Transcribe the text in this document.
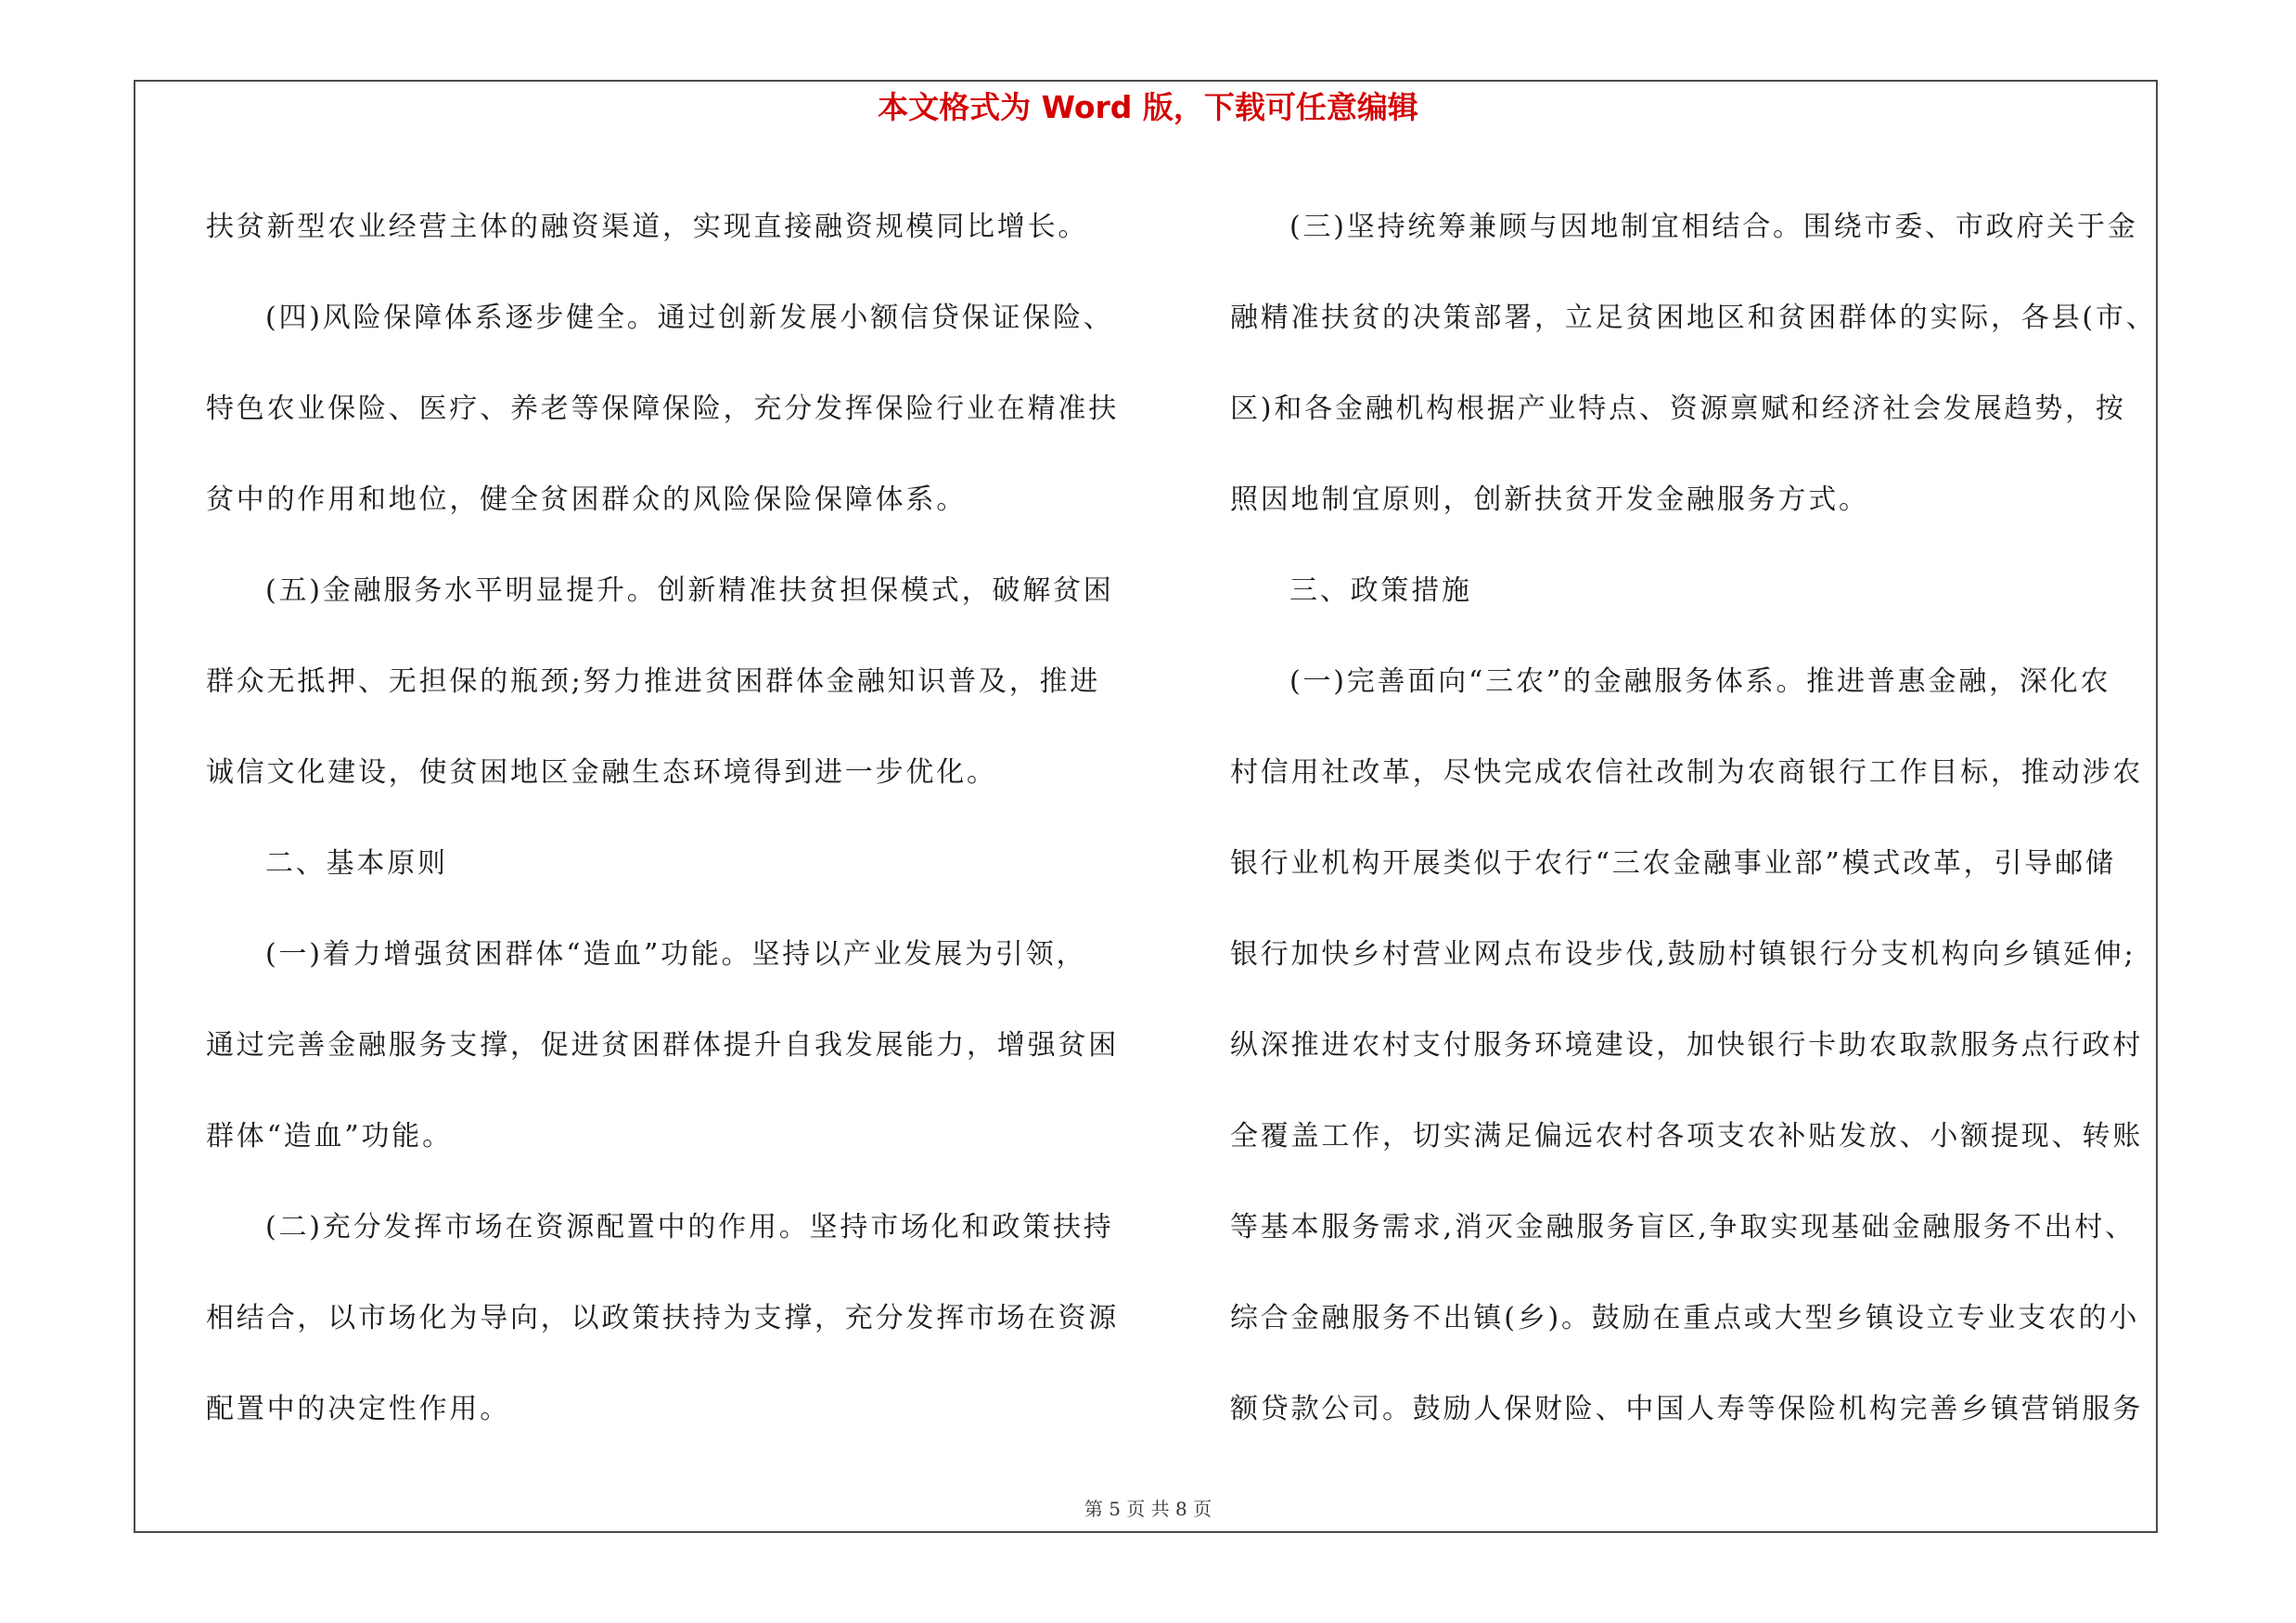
本文格式为 Word 版，下载可任意编辑

扶贫新型农业经营主体的融资渠道，实现直接融资规模同比增长。

(四)风险保障体系逐步健全。通过创新发展小额信贷保证保险、

特色农业保险、医疗、养老等保障保险，充分发挥保险行业在精准扶

贫中的作用和地位，健全贫困群众的风险保险保障体系。

(五)金融服务水平明显提升。创新精准扶贫担保模式，破解贫困

群众无抵押、无担保的瓶颈;努力推进贫困群体金融知识普及，推进

诚信文化建设，使贫困地区金融生态环境得到进一步优化。

二、基本原则

(一)着力增强贫困群体“造血”功能。坚持以产业发展为引领，

通过完善金融服务支撑，促进贫困群体提升自我发展能力，增强贫困

群体“造血”功能。

(二)充分发挥市场在资源配置中的作用。坚持市场化和政策扶持

相结合，以市场化为导向，以政策扶持为支撑，充分发挥市场在资源

配置中的决定性作用。

(三)坚持统筹兼顾与因地制宜相结合。围绕市委、市政府关于金

融精准扶贫的决策部署，立足贫困地区和贫困群体的实际，各县(市、

区)和各金融机构根据产业特点、资源禀赋和经济社会发展趋势，按

照因地制宜原则，创新扶贫开发金融服务方式。

三、政策措施

(一)完善面向“三农”的金融服务体系。推进普惠金融，深化农

村信用社改革，尽快完成农信社改制为农商银行工作目标，推动涉农

银行业机构开展类似于农行“三农金融事业部”模式改革，引导邮储

银行加快乡村营业网点布设步伐,鼓励村镇银行分支机构向乡镇延伸;

纵深推进农村支付服务环境建设，加快银行卡助农取款服务点行政村

全覆盖工作，切实满足偏远农村各项支农补贴发放、小额提现、转账

等基本服务需求,消灭金融服务盲区,争取实现基础金融服务不出村、

综合金融服务不出镇(乡)。鼓励在重点或大型乡镇设立专业支农的小

额贷款公司。鼓励人保财险、中国人寿等保险机构完善乡镇营销服务

第 5 页 共 8 页
